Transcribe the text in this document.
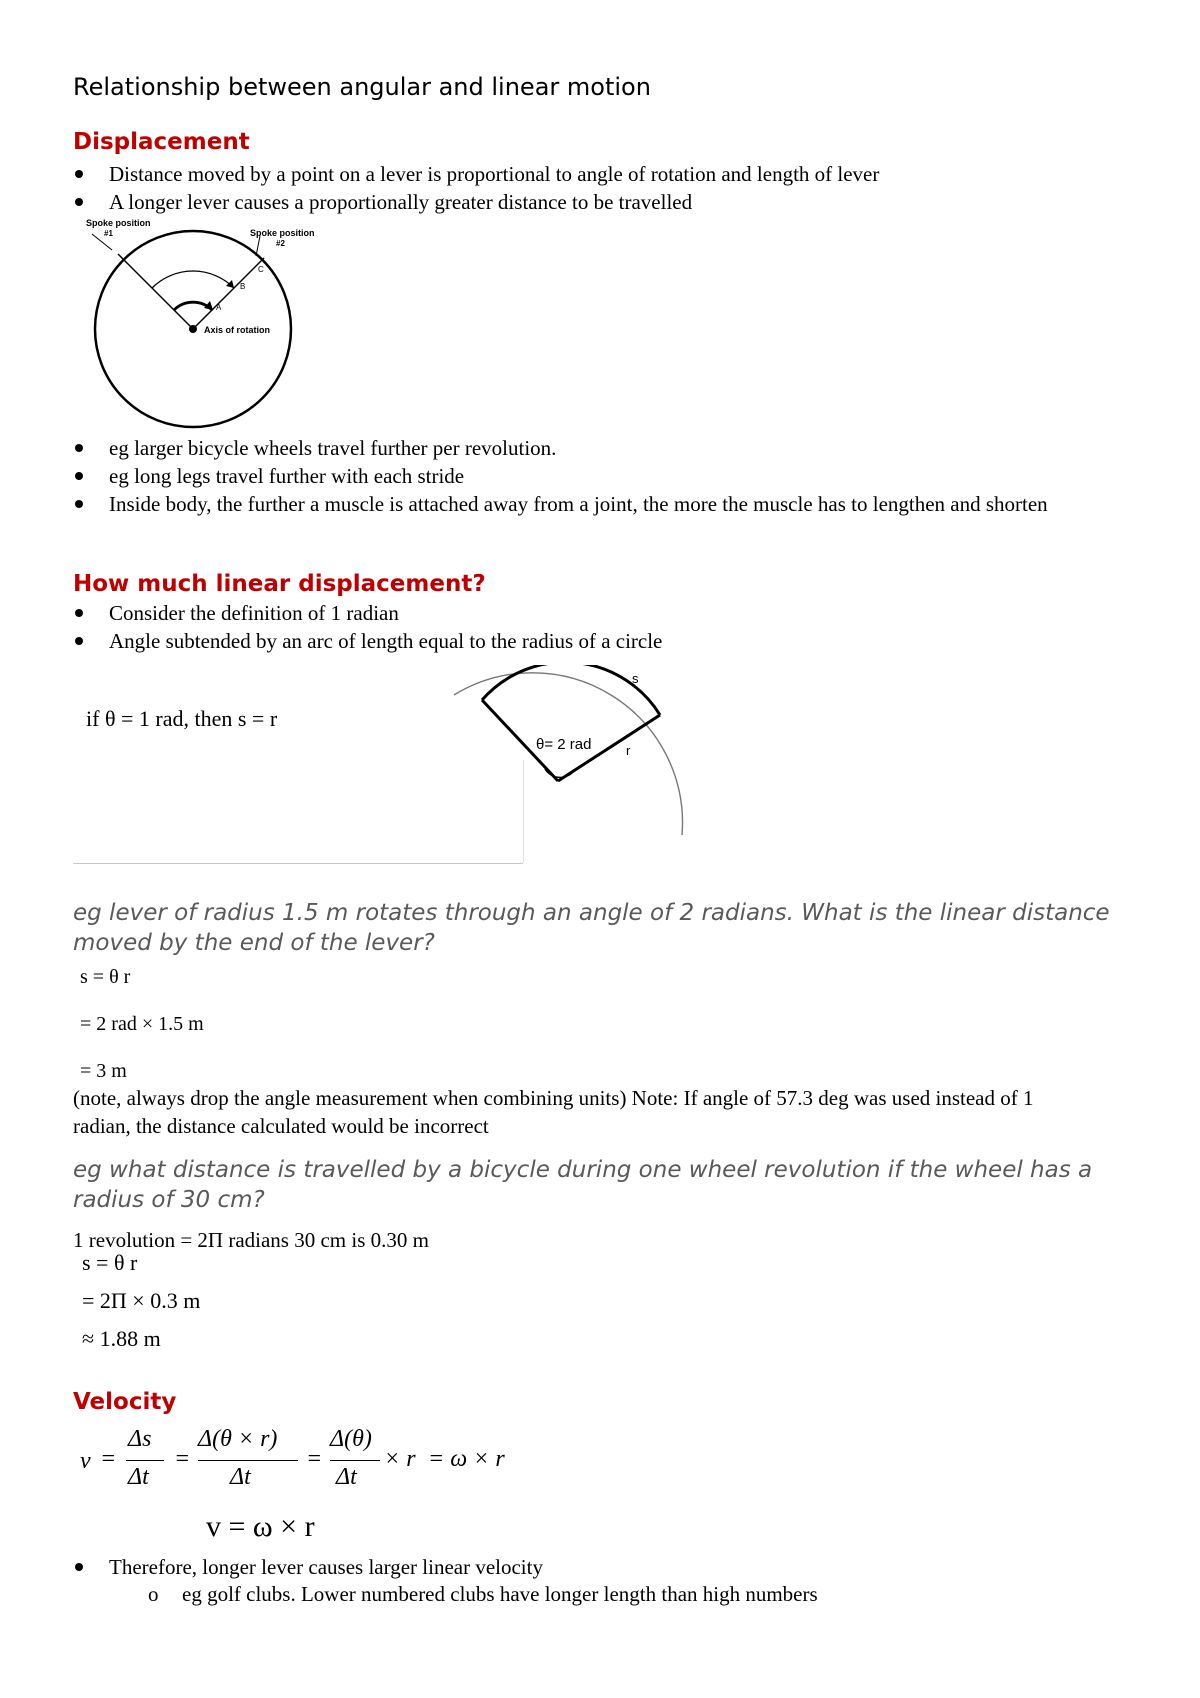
Relationship between angular and linear motion
Displacement
Distance moved by a point on a lever is proportional to angle of rotation and length of lever
A longer lever causes a proportionally greater distance to be travelled
Spoke position
#1	Spoke position
#2
A
B
C
Axis of rotation
eg larger bicycle wheels travel further per revolution.
eg long legs travel further with each stride
Inside body, the further a muscle is attached away from a joint, the more the muscle has to lengthen and shorten
How much linear displacement?
Consider the definition of 1 radian
Angle subtended by an arc of length equal to the radius of a circle
if θ = 1 rad, then s = r
s
θ= 2 rad	r
eg lever of radius 1.5 m rotates through an angle of 2 radians. What is the linear distance moved by the end of the lever?
s = θ r
= 2 rad × 1.5 m
= 3 m
(note, always drop the angle measurement when combining units) Note: If angle of 57.3 deg was used instead of 1 radian, the distance calculated would be incorrect
eg what distance is travelled by a bicycle during one wheel revolution if the wheel has a radius of 30 cm?
1 revolution = 2Π radians 30 cm is 0.30 m
s = θ r
= 2Π × 0.3 m
≈ 1.88 m
Velocity
v =
Δs
Δt
=
Δ(θ × r)
Δt
=
Δ(θ)
Δt
× r = ω × r
v = ω × r
Therefore, longer lever causes larger linear velocity
o eg golf clubs. Lower numbered clubs have longer length than high numbers
